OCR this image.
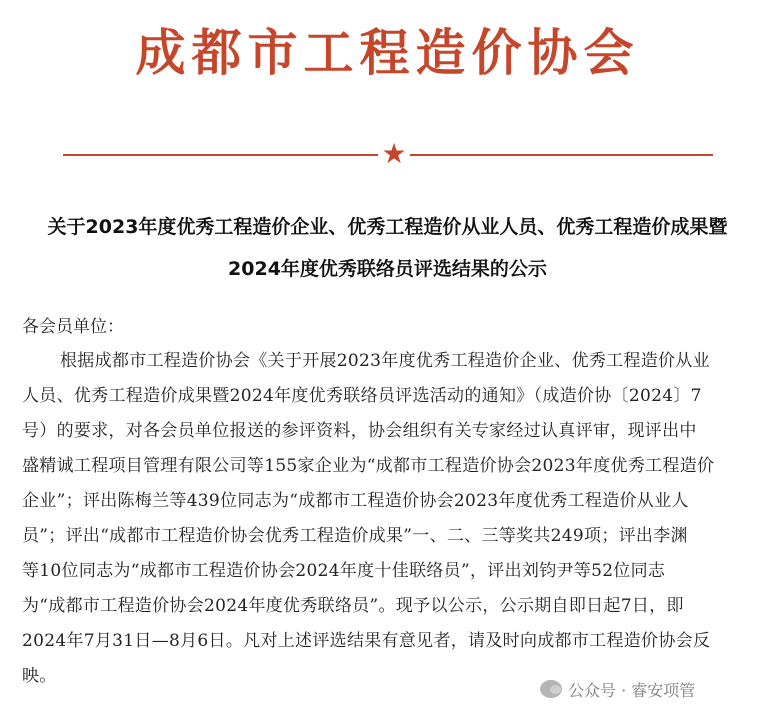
成都市工程造价协会
★
关于2023年度优秀工程造价企业、优秀工程造价从业人员、优秀工程造价成果暨
2024年度优秀联络员评选结果的公示
各会员单位：
根据成都市工程造价协会《关于开展2023年度优秀工程造价企业、优秀工程造价从业
人员、优秀工程造价成果暨2024年度优秀联络员评选活动的通知》（成造价协〔2024〕7
号）的要求，对各会员单位报送的参评资料，协会组织有关专家经过认真评审，现评出中
盛精诚工程项目管理有限公司等155家企业为“成都市工程造价协会2023年度优秀工程造价
企业”；评出陈梅兰等439位同志为“成都市工程造价协会2023年度优秀工程造价从业人
员”；评出“成都市工程造价协会优秀工程造价成果”一、二、三等奖共249项；评出李渊
等10位同志为“成都市工程造价协会2024年度十佳联络员”，评出刘钧尹等52位同志
为“成都市工程造价协会2024年度优秀联络员”。现予以公示，公示期自即日起7日，即
2024年7月31日—8月6日。凡对上述评选结果有意见者，请及时向成都市工程造价协会反
映。
公众号 · 睿安项管
